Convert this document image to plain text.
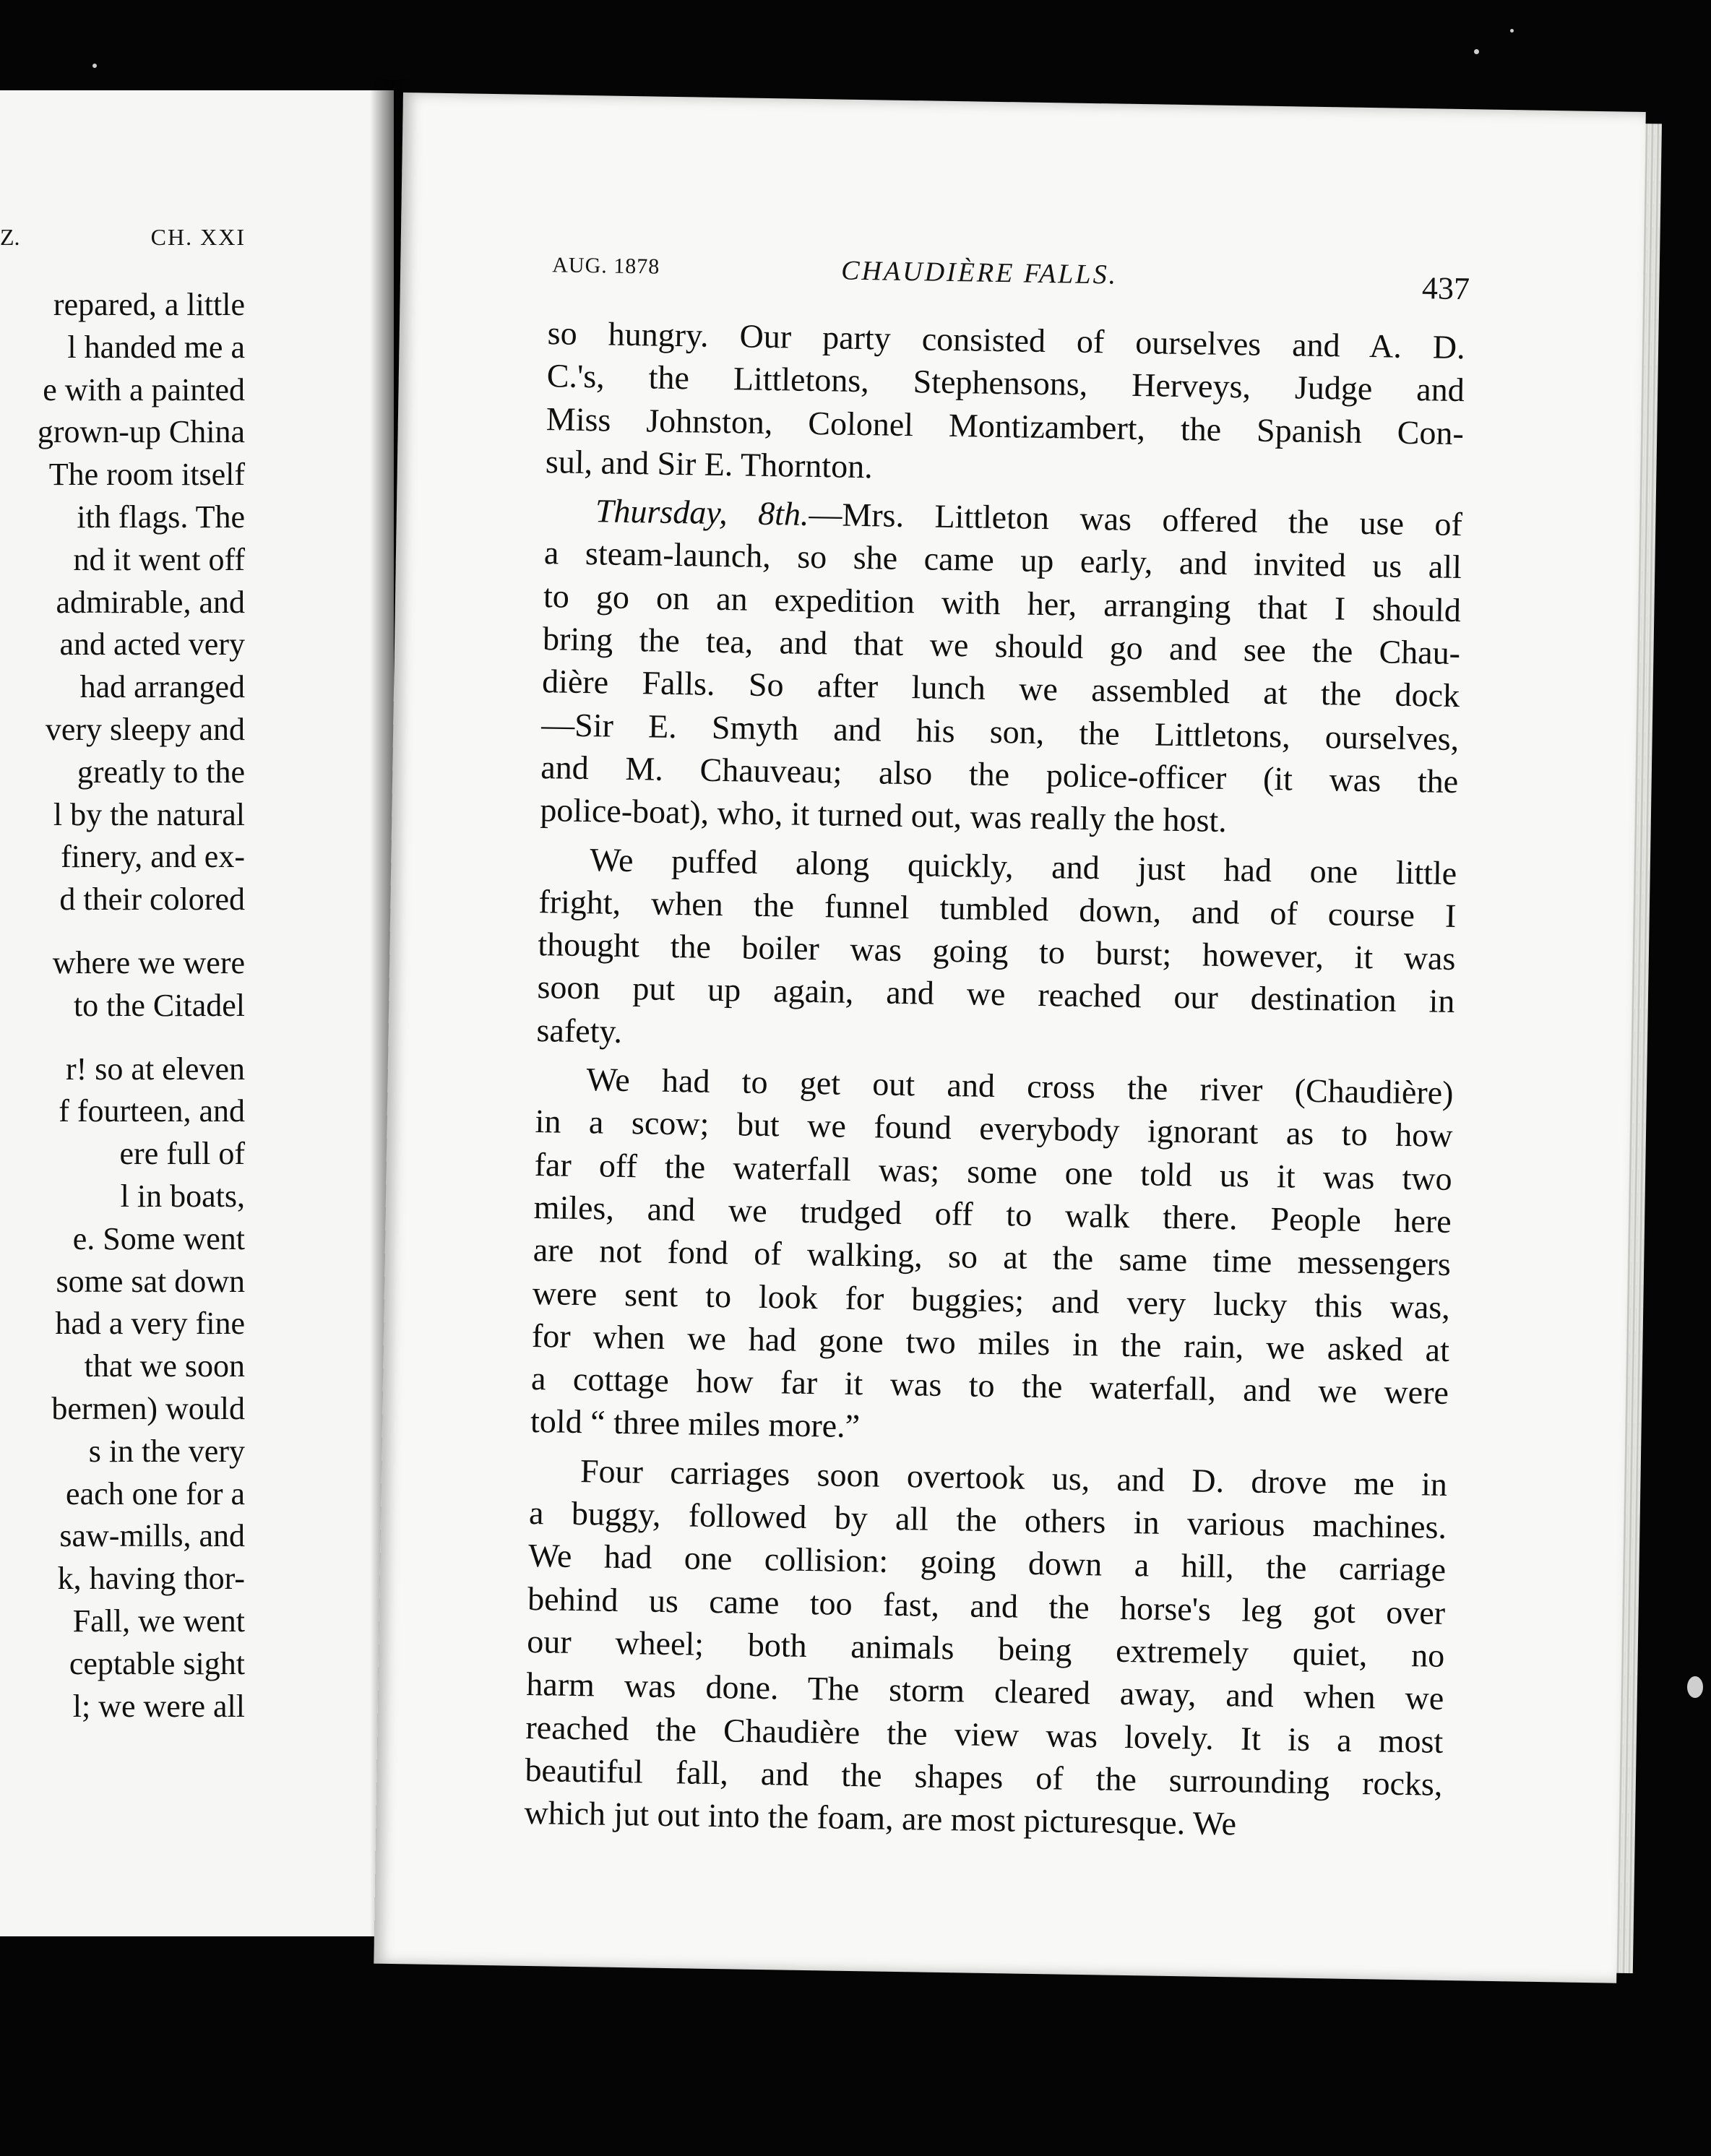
Z.	CH. XXI
repared, a little
l handed me a
e with a painted
grown-up China
The room itself
ith flags. The
nd it went off
admirable, and
and acted very
had arranged
very sleepy and
greatly to the
l by the natural
finery, and ex-
d their colored
where we were
to the Citadel
r! so at eleven
f fourteen, and
ere full of
l in boats,
e. Some went
some sat down
had a very fine
that we soon
bermen) would
s in the very
each one for a
saw-mills, and
k, having thor-
Fall, we went
ceptable sight
l; we were all
AUG. 1878	CHAUDIÈRE FALLS.	437
so hungry. Our party consisted of ourselves and A. D.
C.'s, the Littletons, Stephensons, Herveys, Judge and
Miss Johnston, Colonel Montizambert, the Spanish Con-
sul, and Sir E. Thornton.
Thursday, 8th.—Mrs. Littleton was offered the use of
a steam-launch, so she came up early, and invited us all
to go on an expedition with her, arranging that I should
bring the tea, and that we should go and see the Chau-
dière Falls. So after lunch we assembled at the dock
—Sir E. Smyth and his son, the Littletons, ourselves,
and M. Chauveau; also the police-officer (it was the
police-boat), who, it turned out, was really the host.
We puffed along quickly, and just had one little
fright, when the funnel tumbled down, and of course I
thought the boiler was going to burst; however, it was
soon put up again, and we reached our destination in
safety.
We had to get out and cross the river (Chaudière)
in a scow; but we found everybody ignorant as to how
far off the waterfall was; some one told us it was two
miles, and we trudged off to walk there. People here
are not fond of walking, so at the same time messengers
were sent to look for buggies; and very lucky this was,
for when we had gone two miles in the rain, we asked at
a cottage how far it was to the waterfall, and we were
told “ three miles more.”
Four carriages soon overtook us, and D. drove me in
a buggy, followed by all the others in various machines.
We had one collision: going down a hill, the carriage
behind us came too fast, and the horse's leg got over
our wheel; both animals being extremely quiet, no
harm was done. The storm cleared away, and when we
reached the Chaudière the view was lovely. It is a most
beautiful fall, and the shapes of the surrounding rocks,
which jut out into the foam, are most picturesque. We
